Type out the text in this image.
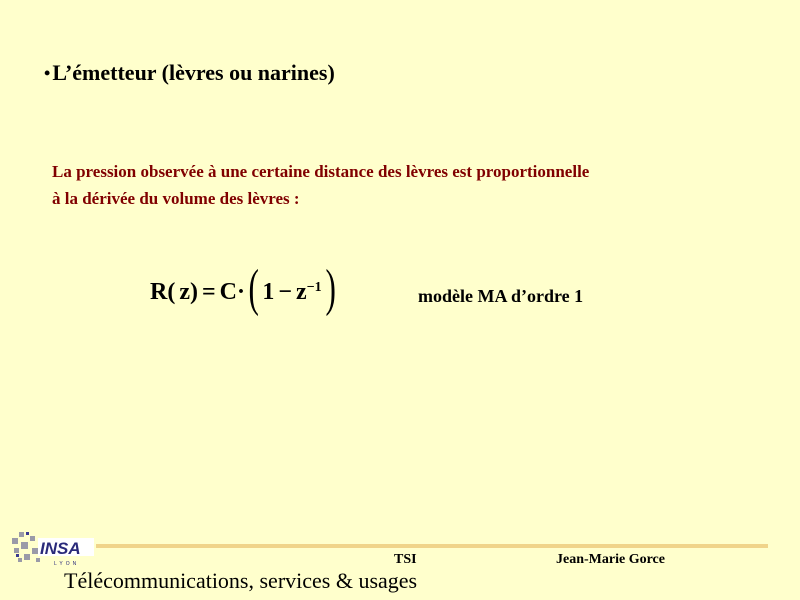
•L’émetteur (lèvres ou narines)
La pression observée à une certaine distance des lèvres est proportionnelle
à la dérivée du volume des lèvres :
R( z ) = C· ( $1 - z^{-1}$ )	modèle MA d’ordre 1
INSA
LYON	TSI	Jean-Marie Gorce
Télécommunications, services & usages
